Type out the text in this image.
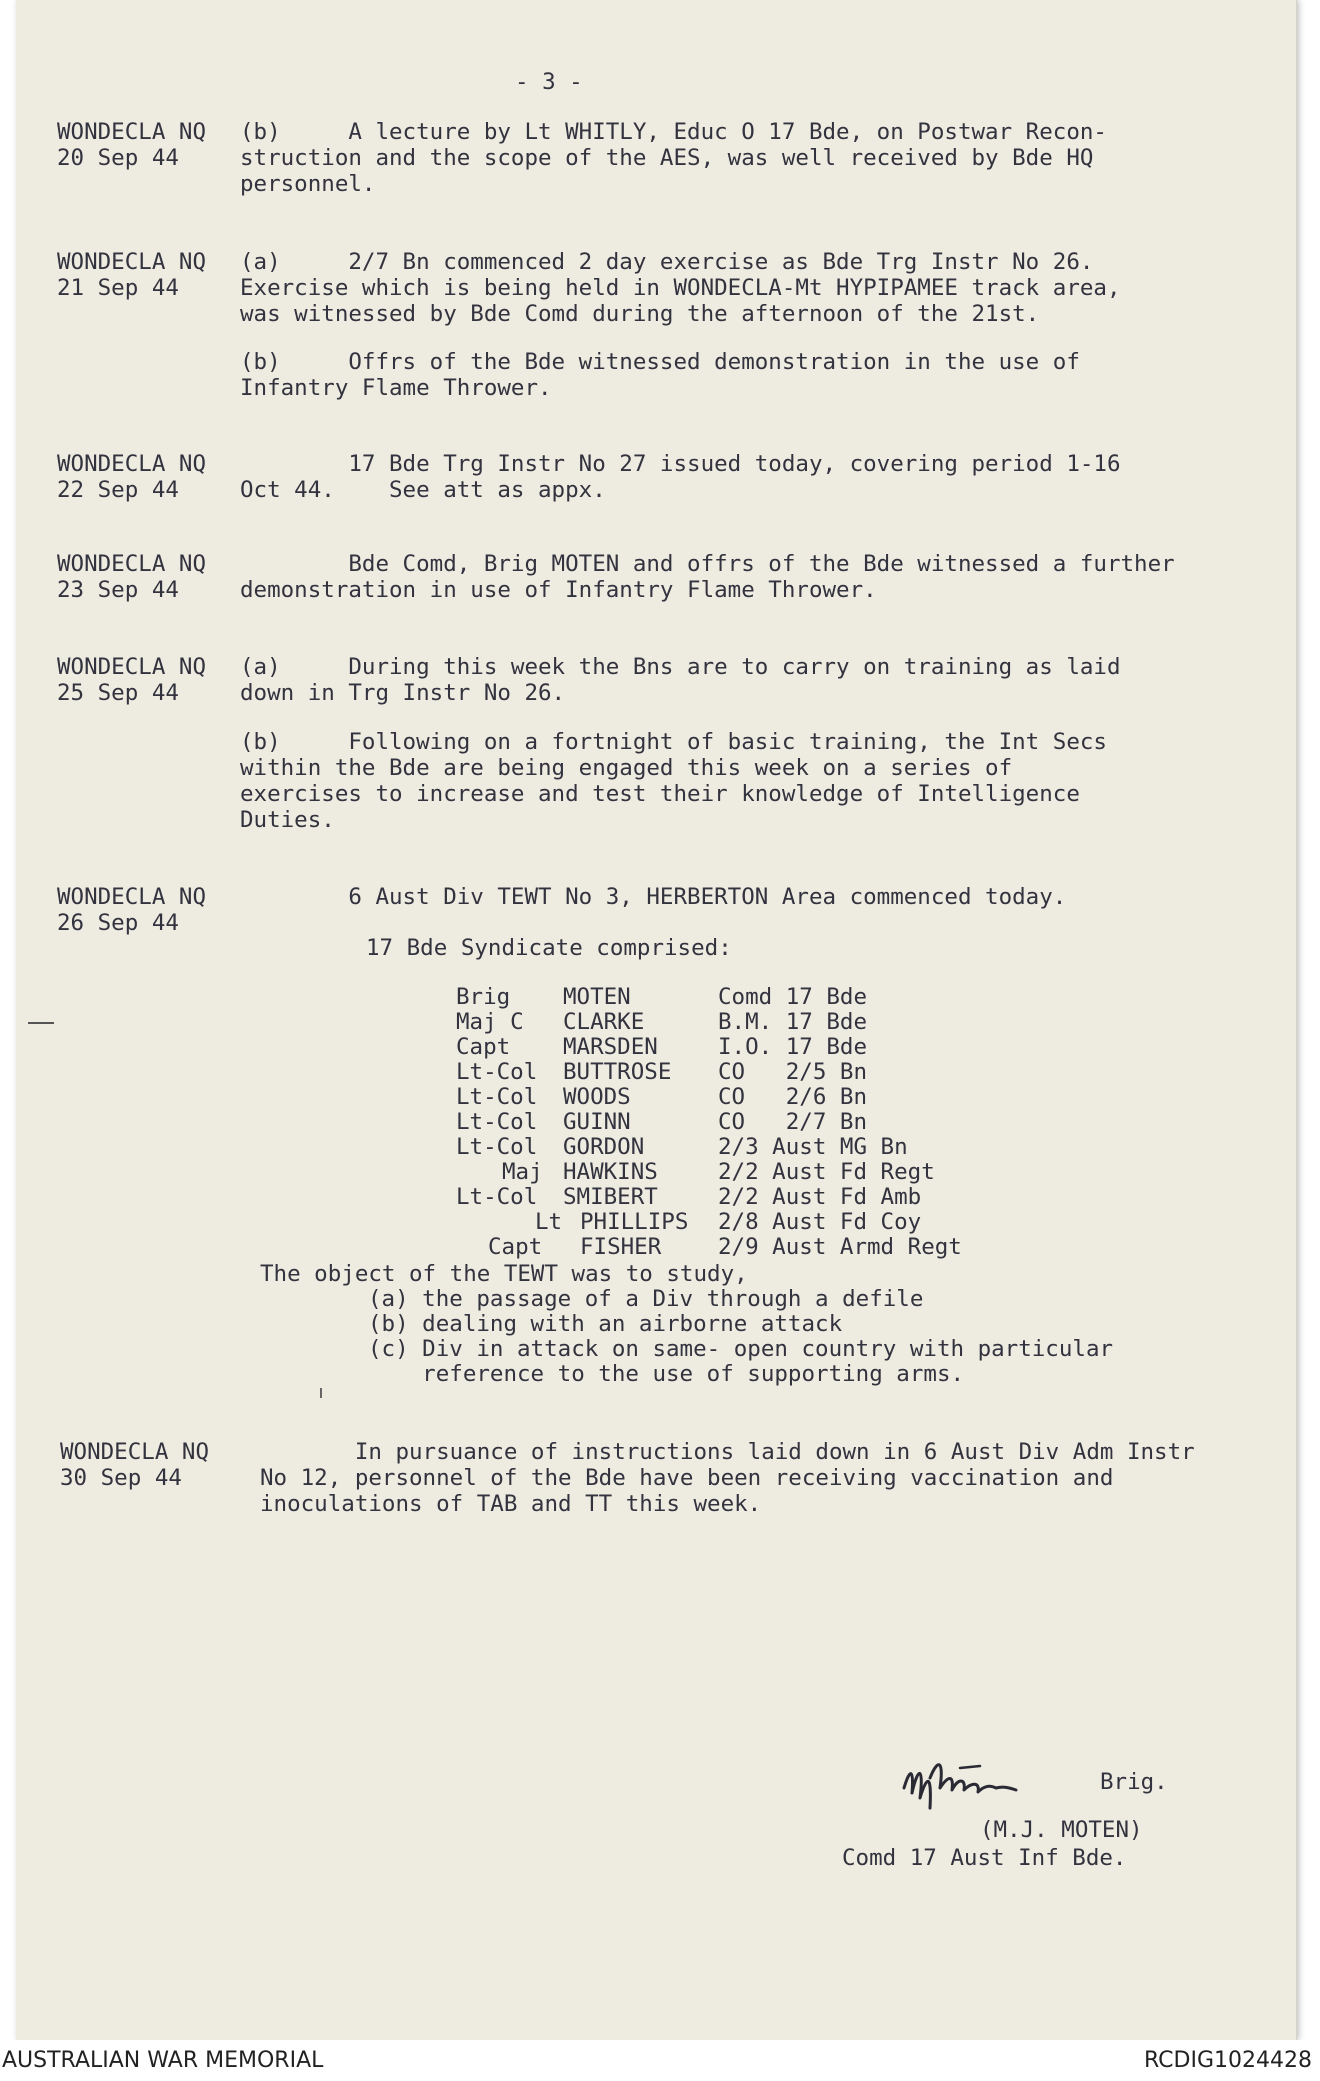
- 3 -
WONDECLA NQ
20 Sep 44
(b)     A lecture by Lt WHITLY, Educ O 17 Bde, on Postwar Recon-
struction and the scope of the AES, was well received by Bde HQ
personnel.
WONDECLA NQ
21 Sep 44
(a)     2/7 Bn commenced 2 day exercise as Bde Trg Instr No 26.
Exercise which is being held in WONDECLA-Mt HYPIPAMEE track area,
was witnessed by Bde Comd during the afternoon of the 21st.
(b)     Offrs of the Bde witnessed demonstration in the use of
Infantry Flame Thrower.
WONDECLA NQ
22 Sep 44
17 Bde Trg Instr No 27 issued today, covering period 1-16
Oct 44.    See att as appx.
WONDECLA NQ
23 Sep 44
Bde Comd, Brig MOTEN and offrs of the Bde witnessed a further
demonstration in use of Infantry Flame Thrower.
WONDECLA NQ
25 Sep 44
(a)     During this week the Bns are to carry on training as laid
down in Trg Instr No 26.
(b)     Following on a fortnight of basic training, the Int Secs
within the Bde are being engaged this week on a series of
exercises to increase and test their knowledge of Intelligence
Duties.
WONDECLA NQ
26 Sep 44
6 Aust Div TEWT No 3, HERBERTON Area commenced today.
17 Bde Syndicate comprised:
Brig MOTEN	Comd 17 Bde
Maj C CLARKE	B.M. 17 Bde
Capt MARSDEN	I.O. 17 Bde
Lt-Col BUTTROSE CO   2/5 Bn
Lt-Col WOODS	CO   2/6 Bn
Lt-Col GUINN	CO   2/7 Bn
Lt-Col GORDON	2/3 Aust MG Bn
Maj HAWKINS	2/2 Aust Fd Regt
Lt-Col SMIBERT	2/2 Aust Fd Amb
Lt PHILLIPS 2/8 Aust Fd Coy
Capt FISHER	2/9 Aust Armd Regt
The object of the TEWT was to study,
(a) the passage of a Div through a defile
(b) dealing with an airborne attack
(c) Div in attack on same- open country with particular
reference to the use of supporting arms.
WONDECLA NQ
30 Sep 44
In pursuance of instructions laid down in 6 Aust Div Adm Instr
No 12, personnel of the Bde have been receiving vaccination and
inoculations of TAB and TT this week.
Brig.
(M.J. MOTEN)
Comd 17 Aust Inf Bde.
AUSTRALIAN WAR MEMORIAL	RCDIG1024428
